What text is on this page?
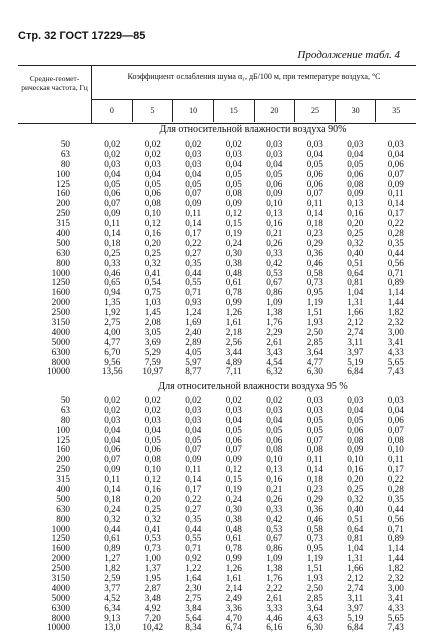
Стр. 32 ГОСТ 17229—85
Продолжение табл. 4
Средне-геомет-рическая частота, Гц
Коэффициент ослабления шума α₁, дБ/100 м, при температуре воздуха, °С
0	5	10	15	20	25	30	35
Для относительной влажности воздуха 90%
50	0,02	0,02	0,02	0,02	0,03	0,03	0,03	0,03
63	0,02	0,02	0,03	0,03	0,03	0,04	0,04	0,04
80	0,03	0,03	0,03	0,04	0,04	0,05	0,05	0,06
100	0,04	0,04	0,04	0,05	0,05	0,06	0,06	0,07
125	0,05	0,05	0,05	0,05	0,06	0,06	0,08	0,09
160	0,06	0,06	0,07	0,08	0,09	0,07	0,09	0,11
200	0,07	0,08	0,09	0,09	0,10	0,11	0,13	0,14
250	0,09	0,10	0,11	0,12	0,13	0,14	0,16	0,17
315	0,11	0,12	0,14	0,15	0,16	0,18	0,20	0,22
400	0,14	0,16	0,17	0,19	0,21	0,23	0,25	0,28
500	0,18	0,20	0,22	0,24	0,26	0,29	0,32	0,35
630	0,25	0,25	0,27	0,30	0,33	0,36	0,40	0,44
800	0,33	0,32	0,35	0,38	0,42	0,46	0,51	0,56
1000	0,46	0,41	0,44	0,48	0,53	0,58	0,64	0,71
1250	0,65	0,54	0,55	0,61	0,67	0,73	0,81	0,89
1600	0,94	0,75	0,71	0,78	0,86	0,95	1,04	1,14
2000	1,35	1,03	0,93	0,99	1,09	1,19	1,31	1,44
2500	1,92	1,45	1,24	1,26	1,38	1,51	1,66	1,82
3150	2,75	2,08	1,69	1,61	1,76	1,93	2,12	2,32
4000	4,00	3,05	2,40	2,18	2,29	2,50	2,74	3,00
5000	4,77	3,69	2,89	2,56	2,61	2,85	3,11	3,41
6300	6,70	5,29	4,05	3,44	3,43	3,64	3,97	4,33
8000	9,56	7,59	5,97	4,89	4,54	4,77	5,19	5,65
10000	13,56	10,97	8,77	7,11	6,32	6,30	6,84	7,43
Для относительной влажности воздуха 95 %
50	0,02	0,02	0,02	0,02	0,02	0,03	0,03	0,03
63	0,02	0,02	0,03	0,03	0,03	0,03	0,04	0,04
80	0,03	0,03	0,03	0,04	0,04	0,05	0,05	0,06
100	0,04	0,04	0,04	0,05	0,05	0,05	0,06	0,07
125	0,04	0,05	0,05	0,06	0,06	0,07	0,08	0,08
160	0,06	0,06	0,07	0,07	0,08	0,08	0,09	0,10
200	0,07	0,08	0,09	0,09	0,10	0,11	0,10	0,11
250	0,09	0,10	0,11	0,12	0,13	0,14	0,16	0,17
315	0,11	0,12	0,14	0,15	0,16	0,18	0,20	0,22
400	0,14	0,16	0,17	0,19	0,21	0,23	0,25	0,28
500	0,18	0,20	0,22	0,24	0,26	0,29	0,32	0,35
630	0,24	0,25	0,27	0,30	0,33	0,36	0,40	0,44
800	0,32	0,32	0,35	0,38	0,42	0,46	0,51	0,56
1000	0,44	0,41	0,44	0,48	0,53	0,58	0,64	0,71
1250	0,61	0,53	0,55	0,61	0,67	0,73	0,81	0,89
1600	0,89	0,73	0,71	0,78	0,86	0,95	1,04	1,14
2000	1,27	1,00	0,92	0,99	1,09	1,19	1,31	1,44
2500	1,82	1,37	1,22	1,26	1,38	1,51	1,66	1,82
3150	2,59	1,95	1,64	1,61	1,76	1,93	2,12	2,32
4000	3,77	2,87	2,30	2,14	2,22	2,50	2,74	3,00
5000	4,52	3,48	2,75	2,49	2,61	2,85	3,11	3,41
6300	6,34	4,92	3,84	3,36	3,33	3,64	3,97	4,33
8000	9,13	7,20	5,64	4,70	4,46	4,63	5,19	5,65
10000	13,0	10,42	8,34	6,74	6,16	6,30	6,84	7,43
